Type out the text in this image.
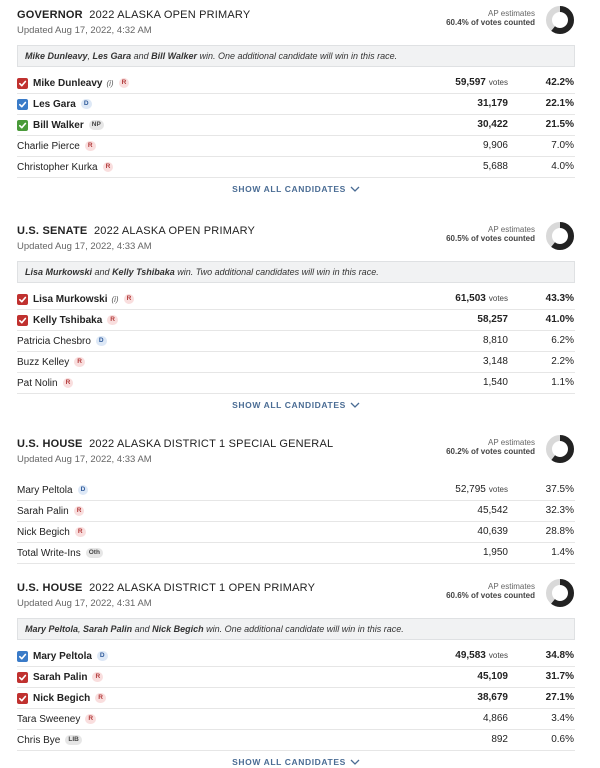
GOVERNOR 2022 ALASKA OPEN PRIMARY
Updated Aug 17, 2022, 4:32 AM
AP estimates
60.4% of votes counted
Mike Dunleavy, Les Gara and Bill Walker win. One additional candidate will win in this race.
Mike Dunleavy (i)	R	59,597 votes	42.2%
Les Gara	D	31,179	22.1%
Bill Walker	NP	30,422	21.5%
Charlie Pierce	R	9,906	7.0%
Christopher Kurka	R	5,688	4.0%
SHOW ALL CANDIDATES
U.S. SENATE 2022 ALASKA OPEN PRIMARY
Updated Aug 17, 2022, 4:33 AM
AP estimates
60.5% of votes counted
Lisa Murkowski and Kelly Tshibaka win. Two additional candidates will win in this race.
Lisa Murkowski (i)	R	61,503 votes	43.3%
Kelly Tshibaka	R	58,257	41.0%
Patricia Chesbro	D	8,810	6.2%
Buzz Kelley	R	3,148	2.2%
Pat Nolin	R	1,540	1.1%
SHOW ALL CANDIDATES
U.S. HOUSE 2022 ALASKA DISTRICT 1 SPECIAL GENERAL
Updated Aug 17, 2022, 4:33 AM
AP estimates
60.2% of votes counted
Mary Peltola	D	52,795 votes	37.5%
Sarah Palin	R	45,542	32.3%
Nick Begich	R	40,639	28.8%
Total Write-Ins	Oth	1,950	1.4%
U.S. HOUSE 2022 ALASKA DISTRICT 1 OPEN PRIMARY
Updated Aug 17, 2022, 4:31 AM
AP estimates
60.6% of votes counted
Mary Peltola, Sarah Palin and Nick Begich win. One additional candidate will win in this race.
Mary Peltola	D	49,583 votes	34.8%
Sarah Palin	R	45,109	31.7%
Nick Begich	R	38,679	27.1%
Tara Sweeney	R	4,866	3.4%
Chris Bye	LIB	892	0.6%
SHOW ALL CANDIDATES
